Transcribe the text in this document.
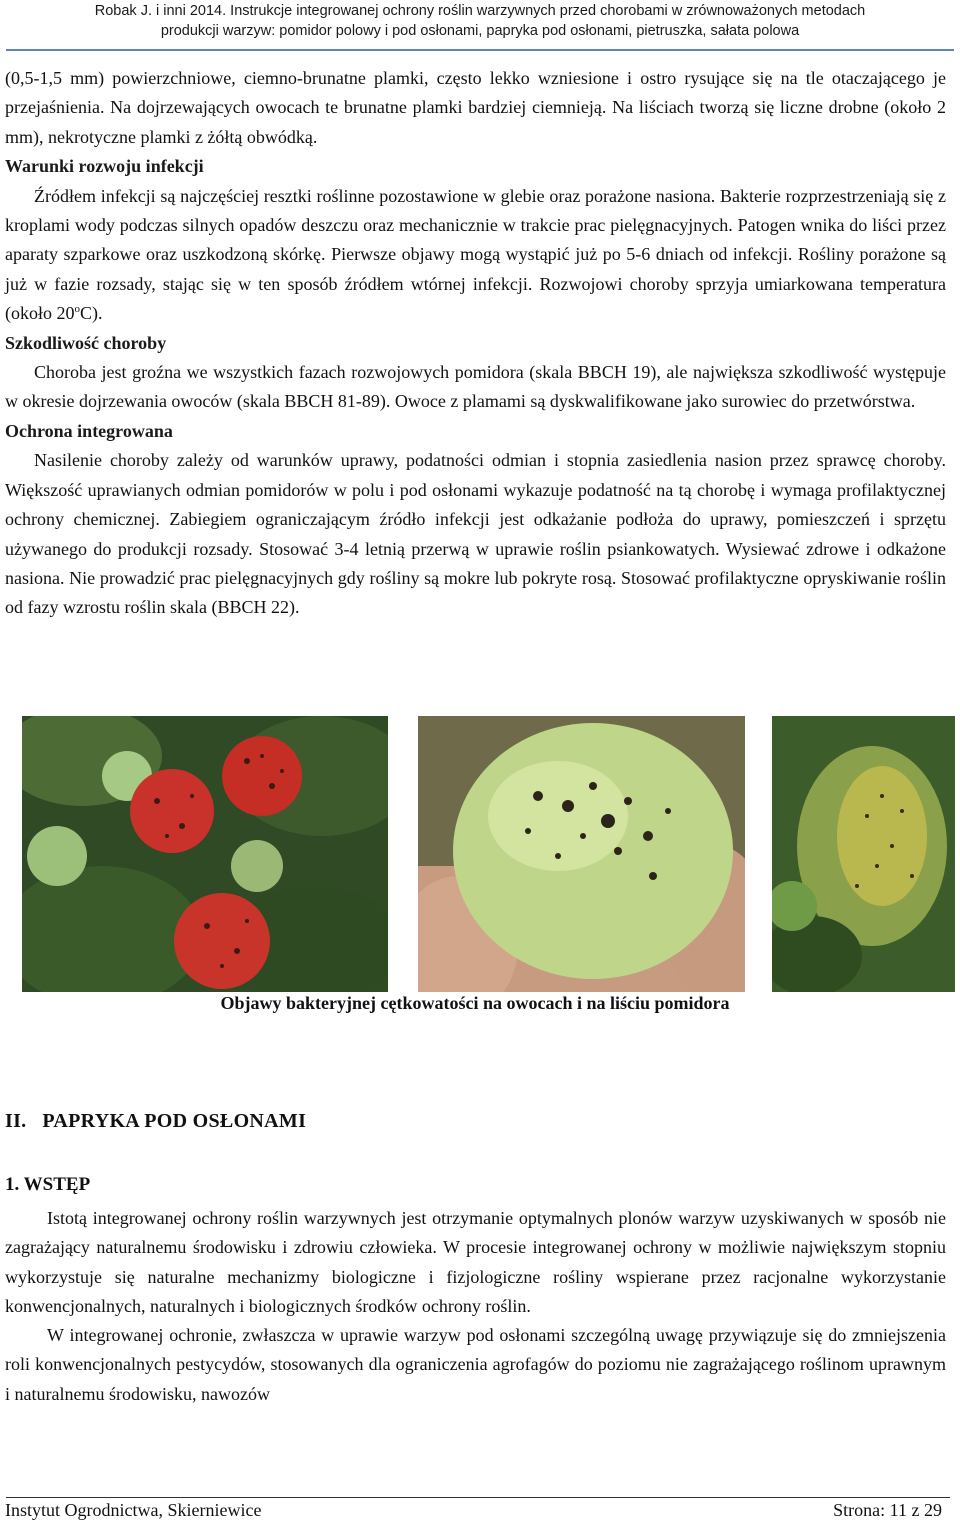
Robak J. i inni 2014. Instrukcje integrowanej ochrony roślin warzywnych przed chorobami w zrównoważonych metodach
produkcji warzyw: pomidor polowy i pod osłonami, papryka pod osłonami, pietruszka, sałata polowa

(0,5-1,5 mm) powierzchniowe, ciemno-brunatne plamki, często lekko wzniesione i ostro rysujące się na tle otaczającego je przejaśnienia. Na dojrzewających owocach te brunatne plamki bardziej ciemnieją. Na liściach tworzą się liczne drobne (około 2 mm), nekrotyczne plamki z żółtą obwódką.

Warunki rozwoju infekcji

Źródłem infekcji są najczęściej resztki roślinne pozostawione w glebie oraz porażone nasiona. Bakterie rozprzestrzeniają się z kroplami wody podczas silnych opadów deszczu oraz mechanicznie w trakcie prac pielęgnacyjnych. Patogen wnika do liści przez aparaty szparkowe oraz uszkodzoną skórkę. Pierwsze objawy mogą wystąpić już po 5-6 dniach od infekcji. Rośliny porażone są już w fazie rozsady, stając się w ten sposób źródłem wtórnej infekcji. Rozwojowi choroby sprzyja umiarkowana temperatura (około 20$^o$C).

Szkodliwość choroby

Choroba jest groźna we wszystkich fazach rozwojowych pomidora (skala BBCH 19), ale największa szkodliwość występuje w okresie dojrzewania owoców (skala BBCH 81-89). Owoce z plamami są dyskwalifikowane jako surowiec do przetwórstwa.

Ochrona integrowana

Nasilenie choroby zależy od warunków uprawy, podatności odmian i stopnia zasiedlenia nasion przez sprawcę choroby. Większość uprawianych odmian pomidorów w polu i pod osłonami wykazuje podatność na tą chorobę i wymaga profilaktycznej ochrony chemicznej. Zabiegiem ograniczającym źródło infekcji jest odkażanie podłoża do uprawy, pomieszczeń i sprzętu używanego do produkcji rozsady. Stosować 3-4 letnią przerwą w uprawie roślin psiankowatych. Wysiewać zdrowe i odkażone nasiona. Nie prowadzić prac pielęgnacyjnych gdy rośliny są mokre lub pokryte rosą. Stosować profilaktyczne opryskiwanie roślin od fazy wzrostu roślin skala (BBCH 22).

Objawy bakteryjnej cętkowatości na owocach i na liściu pomidora
II.   PAPRYKA POD OSŁONAMI
1. WSTĘP

Istotą integrowanej ochrony roślin warzywnych jest otrzymanie optymalnych plonów warzyw uzyskiwanych w sposób nie zagrażający naturalnemu środowisku i zdrowiu człowieka. W procesie integrowanej ochrony w możliwie największym stopniu wykorzystuje się naturalne mechanizmy biologiczne i fizjologiczne rośliny wspierane przez racjonalne wykorzystanie konwencjonalnych, naturalnych i biologicznych środków ochrony roślin.

W integrowanej ochronie, zwłaszcza w uprawie warzyw pod osłonami szczególną uwagę przywiązuje się do zmniejszenia roli konwencjonalnych pestycydów, stosowanych dla ograniczenia agrofagów do poziomu nie zagrażającego roślinom uprawnym i naturalnemu środowisku, nawozów

Instytut Ogrodnictwa, Skierniewice	Strona: 11 z 29
